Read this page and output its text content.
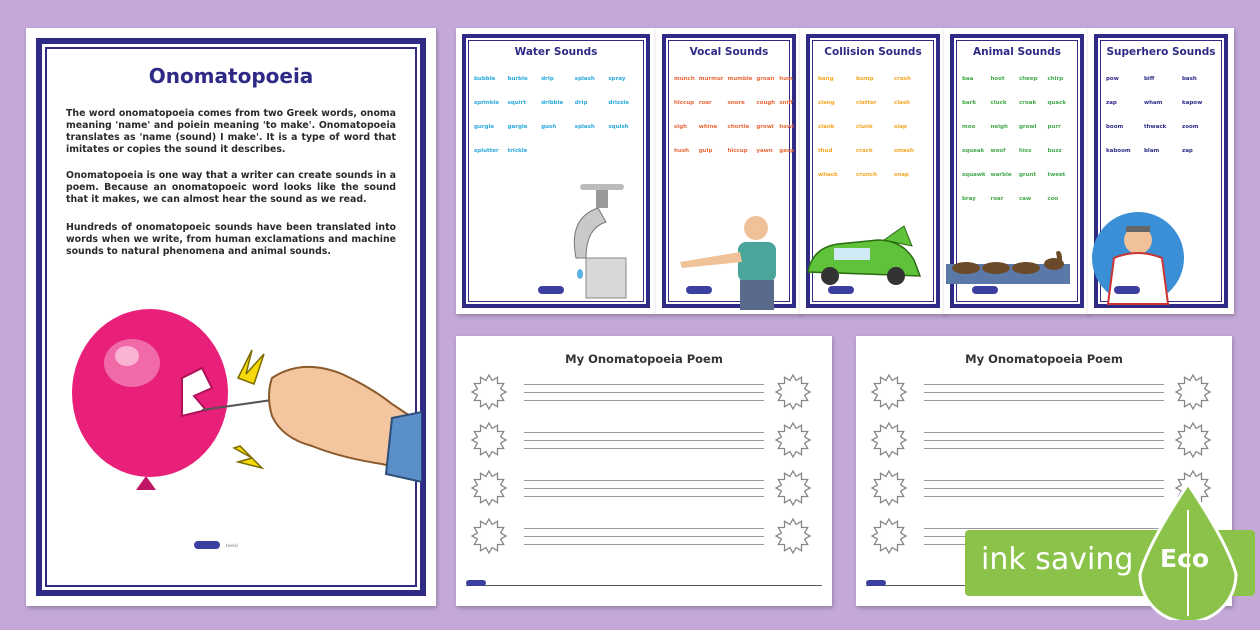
Onomatopoeia
The word onomatopoeia comes from two Greek words, onoma meaning 'name' and poiein meaning 'to make'. Onomatopoeia translates as 'name (sound) I make'. It is a type of word that imitates or copies the sound it describes.
Onomatopoeia is one way that a writer can create sounds in a poem. Because an onomatopoeic word looks like the sound that it makes, we can almost hear the sound as we read.
Hundreds of onomatopoeic sounds have been translated into words when we write, from human exclamations and machine sounds to natural phenomena and animal sounds.
twinkl
Water Sounds
bubble	burble	drip	splash	spray
sprinkle	squirt	dribble	drip	drizzle
gurgle	gargle	gush	splash	squish
splutter	trickle
Vocal Sounds
munch murmur mumble groan hum
hiccup roar	snore	cough sniff
sigh	whine	chortle	growl howl
hush	gulp	hiccup	yawn	gasp
Collision Sounds
bang	bump	crash
clang	clatter	clash
clank	clunk	slap
thud	crack	smash
whack	crunch	snap
Animal Sounds
baa	hoot	cheep	chirp
bark	cluck	croak	quack
moo	neigh	growl	purr
squeak	woof	hiss	buzz
squawk warble	grunt	tweet
bray	roar	caw	coo
Superhero Sounds
pow	biff	bash
zap	wham	kapow
boom	thwack	zoom
kaboom	blam	zap
My Onomatopoeia Poem	My Onomatopoeia Poem
ink saving Eco
